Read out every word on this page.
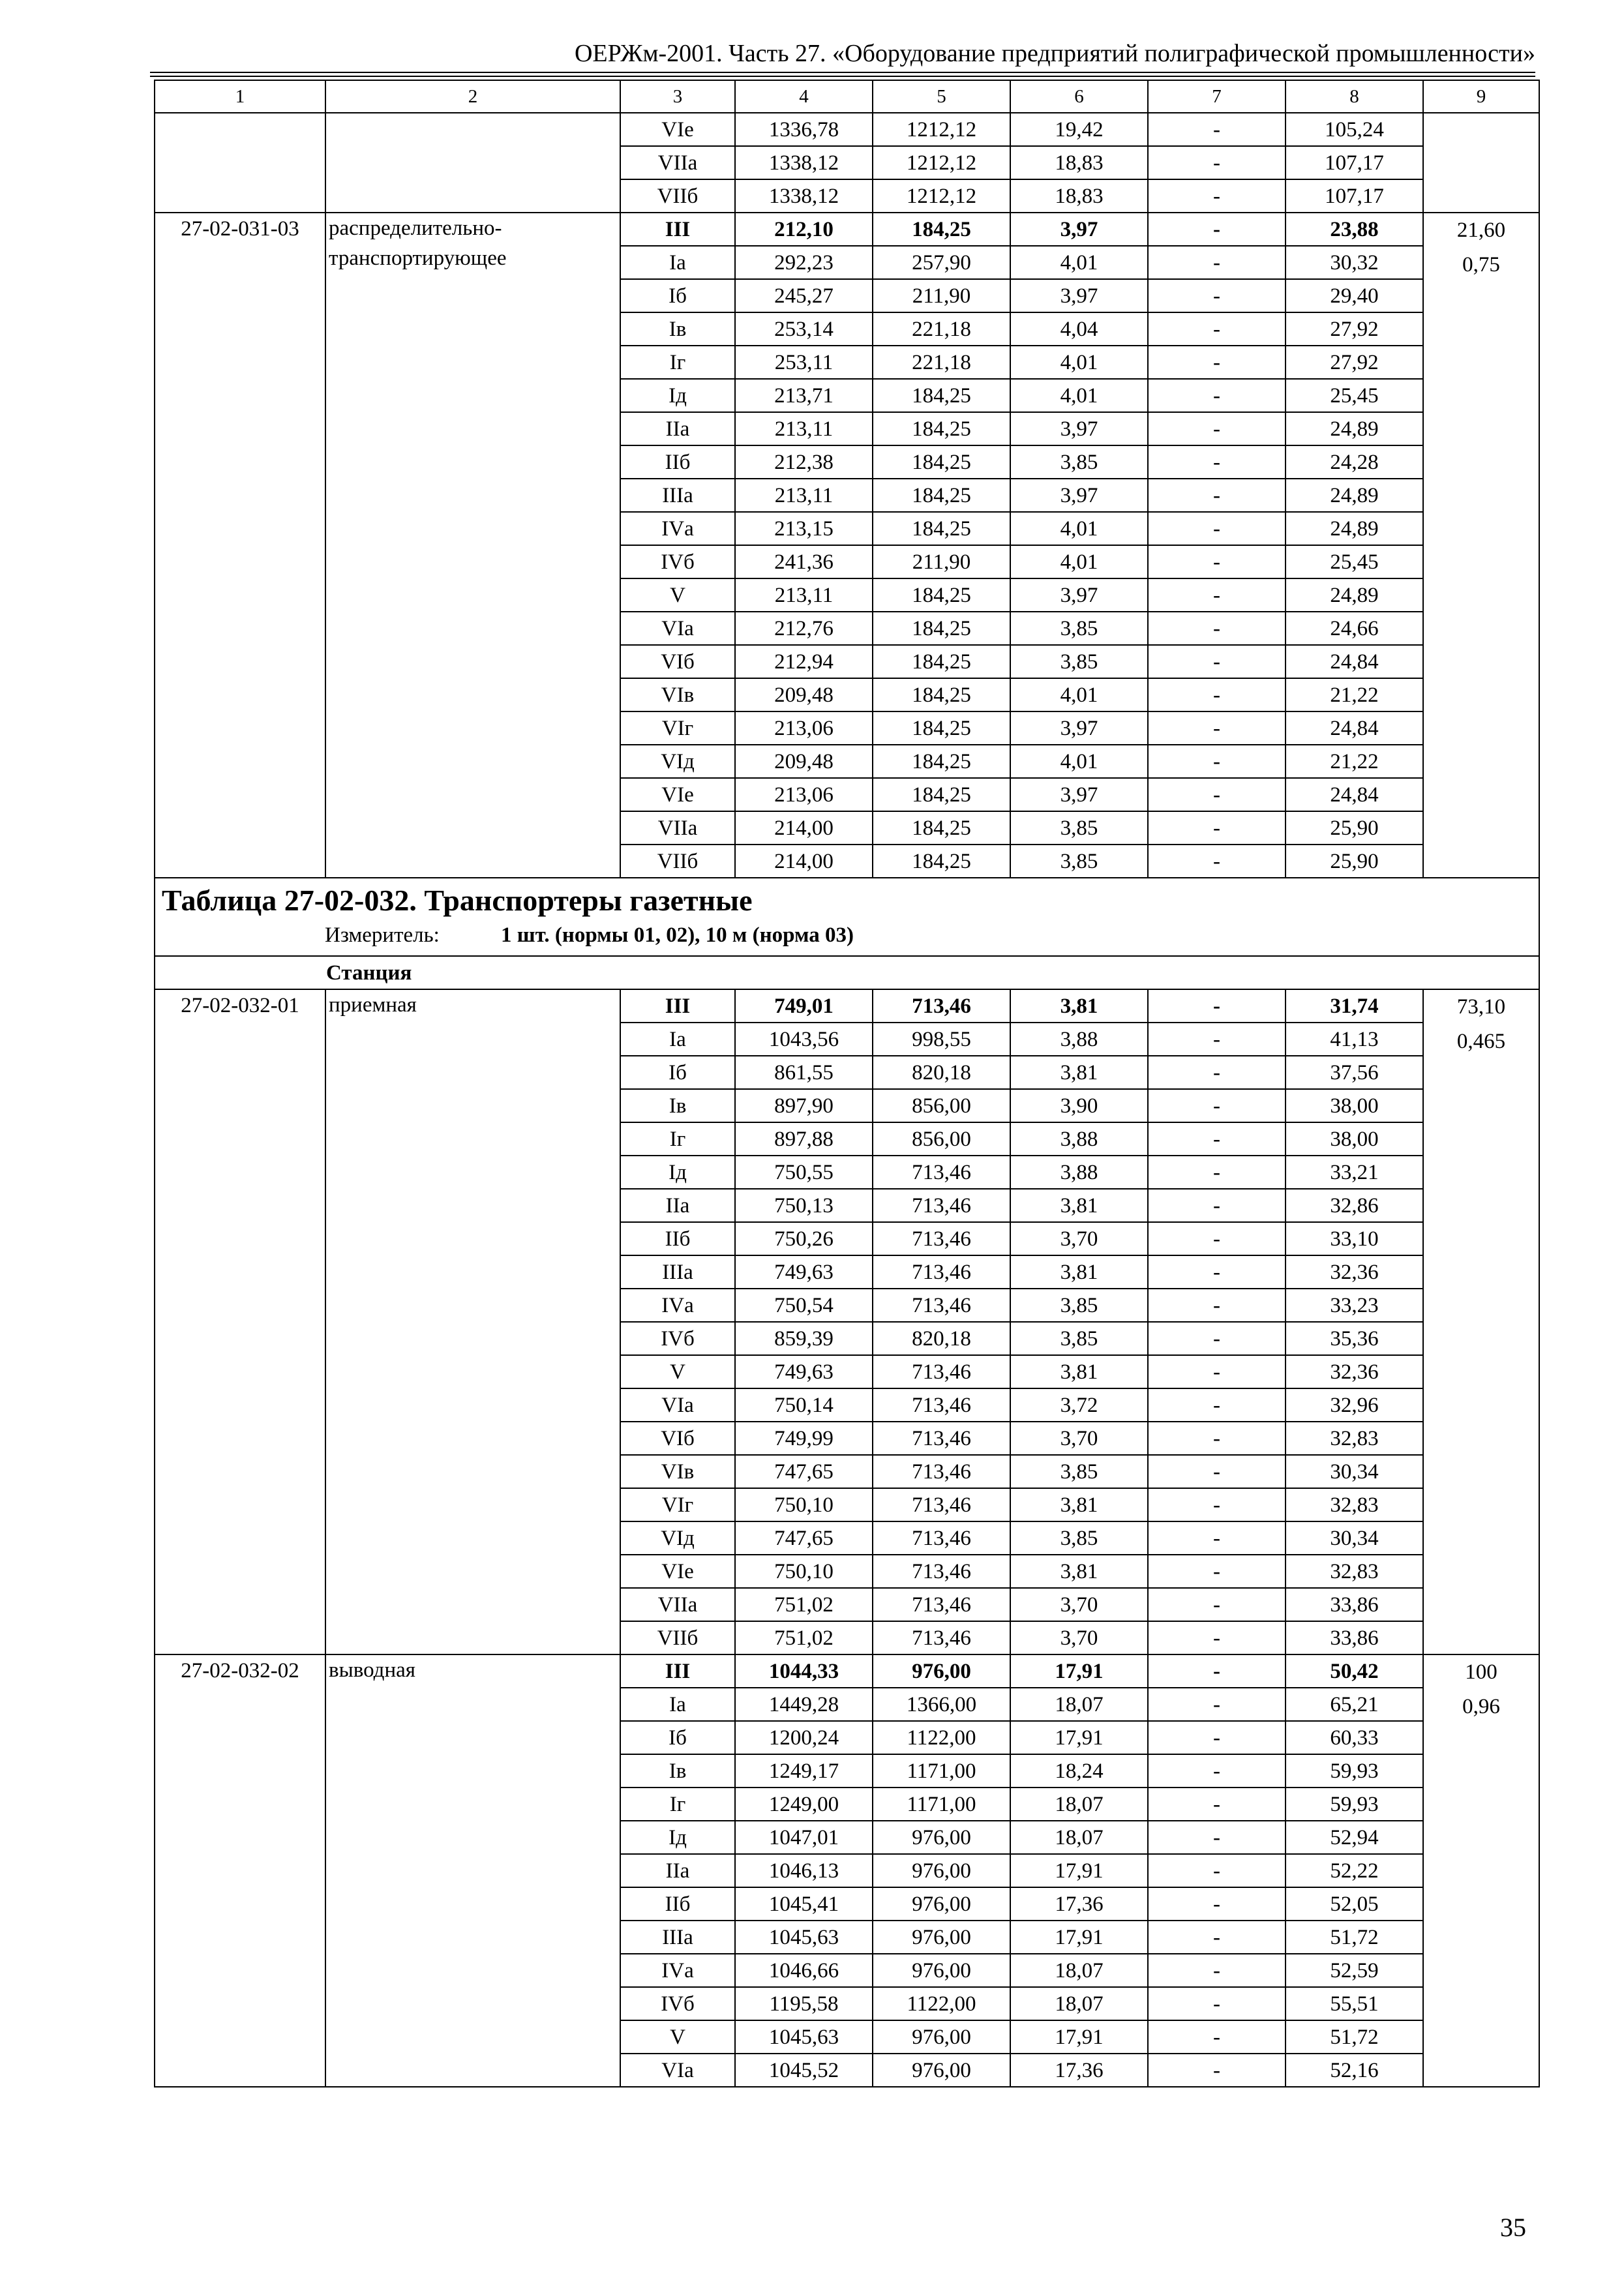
ОЕРЖм-2001. Часть 27. «Оборудование предприятий полиграфической промышленности»
1	2	3	4	5	6	7	8	9
		VIе	1336,78	1212,12	19,42	-	105,24	
		VIIа	1338,12	1212,12	18,83	-	107,17	
		VIIб	1338,12	1212,12	18,83	-	107,17	
27-02-031-03	распределительно-транспортирующее	III	212,10	184,25	3,97	-	23,88	21,60
0,75

		Iа	292,23	257,90	4,01	-	30,32	
		Iб	245,27	211,90	3,97	-	29,40	
		Iв	253,14	221,18	4,04	-	27,92	
		Iг	253,11	221,18	4,01	-	27,92	
		Iд	213,71	184,25	4,01	-	25,45	
		IIа	213,11	184,25	3,97	-	24,89	
		IIб	212,38	184,25	3,85	-	24,28	
		IIIа	213,11	184,25	3,97	-	24,89	
		IVа	213,15	184,25	4,01	-	24,89	
		IVб	241,36	211,90	4,01	-	25,45	
		V	213,11	184,25	3,97	-	24,89	
		VIа	212,76	184,25	3,85	-	24,66	
		VIб	212,94	184,25	3,85	-	24,84	
		VIв	209,48	184,25	4,01	-	21,22	
		VIг	213,06	184,25	3,97	-	24,84	
		VIд	209,48	184,25	4,01	-	21,22	
		VIе	213,06	184,25	3,97	-	24,84	
		VIIа	214,00	184,25	3,85	-	25,90	
		VIIб	214,00	184,25	3,85	-	25,90	

Таблица 27-02-032. Транспортеры газетные
Измеритель: 1 шт. (нормы 01, 02), 10 м (норма 03)								

Станция								
27-02-032-01	приемная	III	749,01	713,46	3,81	-	31,74	73,10
0,465

		Iа	1043,56	998,55	3,88	-	41,13	
		Iб	861,55	820,18	3,81	-	37,56	
		Iв	897,90	856,00	3,90	-	38,00	
		Iг	897,88	856,00	3,88	-	38,00	
		Iд	750,55	713,46	3,88	-	33,21	
		IIа	750,13	713,46	3,81	-	32,86	
		IIб	750,26	713,46	3,70	-	33,10	
		IIIа	749,63	713,46	3,81	-	32,36	
		IVа	750,54	713,46	3,85	-	33,23	
		IVб	859,39	820,18	3,85	-	35,36	
		V	749,63	713,46	3,81	-	32,36	
		VIа	750,14	713,46	3,72	-	32,96	
		VIб	749,99	713,46	3,70	-	32,83	
		VIв	747,65	713,46	3,85	-	30,34	
		VIг	750,10	713,46	3,81	-	32,83	
		VIд	747,65	713,46	3,85	-	30,34	
		VIе	750,10	713,46	3,81	-	32,83	
		VIIа	751,02	713,46	3,70	-	33,86	
		VIIб	751,02	713,46	3,70	-	33,86	
27-02-032-02	выводная	III	1044,33	976,00	17,91	-	50,42	100
0,96

		Iа	1449,28	1366,00	18,07	-	65,21	
		Iб	1200,24	1122,00	17,91	-	60,33	
		Iв	1249,17	1171,00	18,24	-	59,93	
		Iг	1249,00	1171,00	18,07	-	59,93	
		Iд	1047,01	976,00	18,07	-	52,94	
		IIа	1046,13	976,00	17,91	-	52,22	
		IIб	1045,41	976,00	17,36	-	52,05	
		IIIа	1045,63	976,00	17,91	-	51,72	
		IVа	1046,66	976,00	18,07	-	52,59	
		IVб	1195,58	1122,00	18,07	-	55,51	
		V	1045,63	976,00	17,91	-	51,72	
		VIа	1045,52	976,00	17,36	-	52,16	
35
